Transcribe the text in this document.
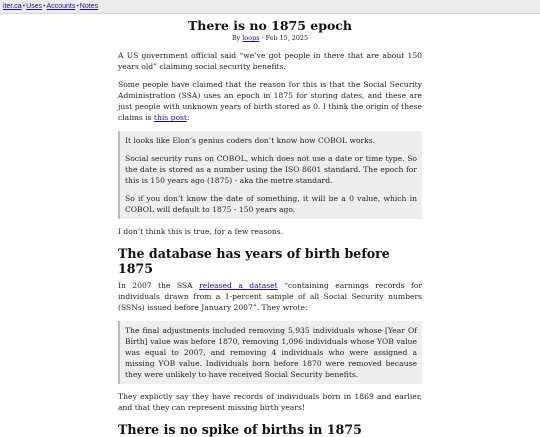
iter.ca•Uses•Accounts•Notes
There is no 1875 epoch
By loops · Feb 15, 2025

A US government official said “we’ve got people in there that are about 150 years old” claiming social security benefits.

Some people have claimed that the reason for this is that the Social Security Administration (SSA) uses an epoch in 1875 for storing dates, and these are just people with unknown years of birth stored as 0. I think the origin of these claims is this post:

It looks like Elon’s genius coders don’t know how COBOL works.

Social security runs on COBOL, which does not use a date or time type. So the date is stored as a number using the ISO 8601 standard. The epoch for this is 150 years ago (1875) - aka the metre standard.

So if you don’t know the date of something, it will be a 0 value, which in COBOL will default to 1875 - 150 years ago.

I don’t think this is true, for a few reasons.

The database has years of birth before 1875

In 2007 the SSA released a dataset “containing earnings records for individuals drawn from a 1-percent sample of all Social Security numbers (SSNs) issued before January 2007”. They wrote:

The final adjustments included removing 5,935 individuals whose [Year Of Birth] value was before 1870, removing 1,096 individuals whose YOB value was equal to 2007, and removing 4 individuals who were assigned a missing YOB value. Individuals born before 1870 were removed because they were unlikely to have received Social Security benefits.

They explictly say they have records of individuals born in 1869 and earlier, and that they can represent missing birth years!

There is no spike of births in 1875
